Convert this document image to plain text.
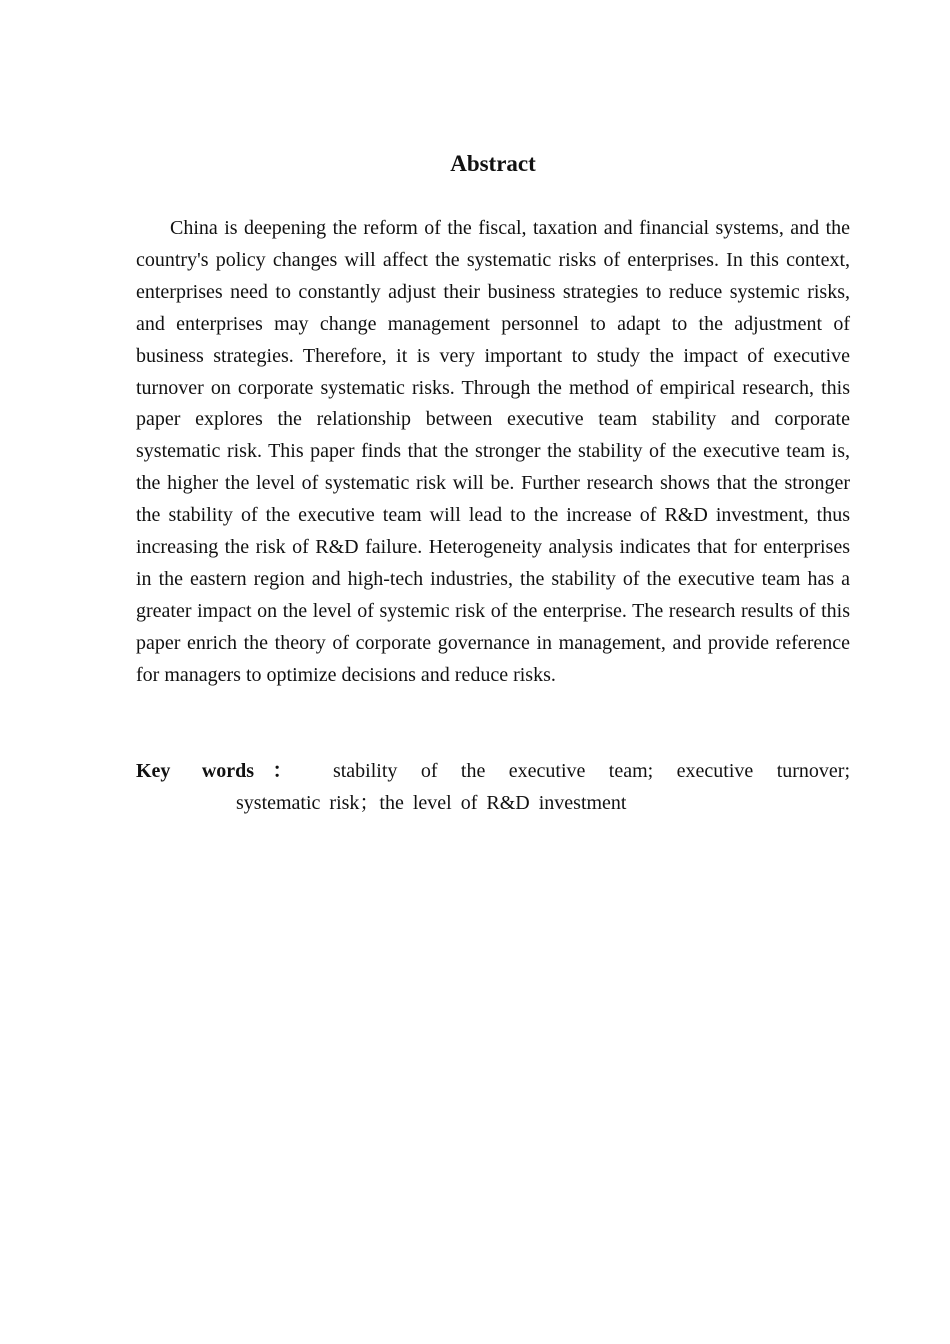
Abstract

China is deepening the reform of the fiscal, taxation and financial systems, and the country's policy changes will affect the systematic risks of enterprises. In this context, enterprises need to constantly adjust their business strategies to reduce systemic risks, and enterprises may change management personnel to adapt to the adjustment of business strategies. Therefore, it is very important to study the impact of executive turnover on corporate systematic risks. Through the method of empirical research, this paper explores the relationship between executive team stability and corporate systematic risk. This paper finds that the stronger the stability of the executive team is, the higher the level of systematic risk will be. Further research shows that the stronger the stability of the executive team will lead to the increase of R&D investment, thus increasing the risk of R&D failure. Heterogeneity analysis indicates that for enterprises in the eastern region and high-tech industries, the stability of the executive team has a greater impact on the level of systemic risk of the enterprise. The research results of this paper enrich the theory of corporate governance in management, and provide reference for managers to optimize decisions and reduce risks.

Key words： stability of the executive team; executive turnover;
systematic risk；the level of R&D investment
